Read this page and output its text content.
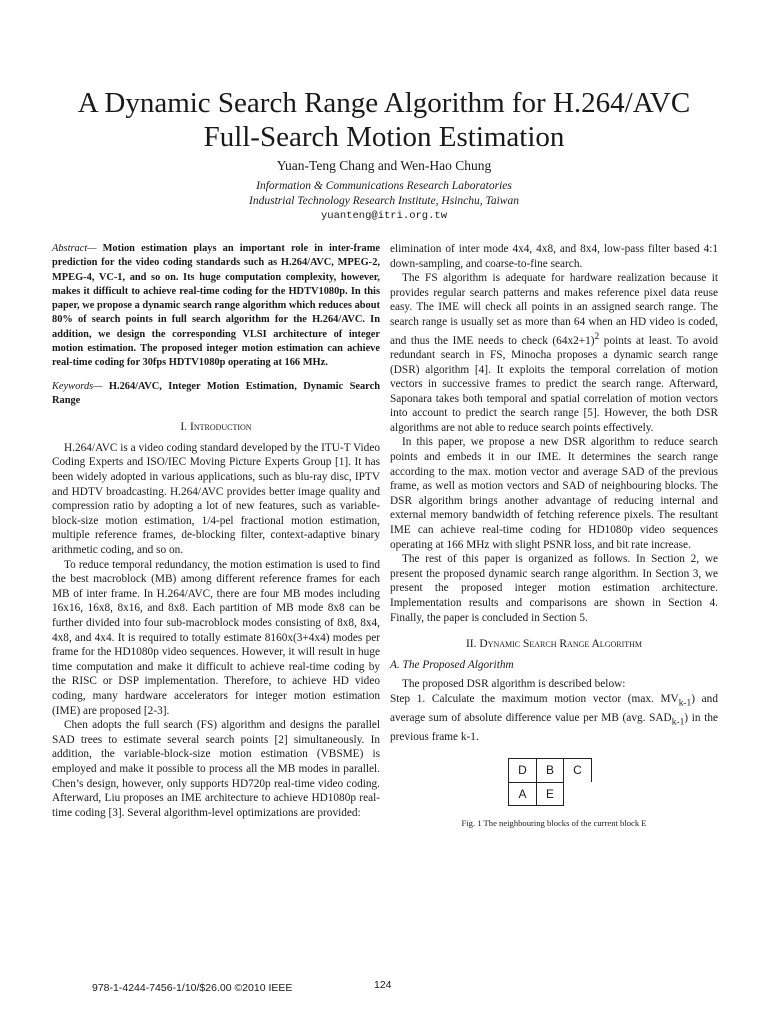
A Dynamic Search Range Algorithm for H.264/AVC
Full-Search Motion Estimation
Yuan-Teng Chang and Wen-Hao Chung
Information & Communications Research Laboratories
Industrial Technology Research Institute, Hsinchu, Taiwan
yuanteng@itri.org.tw

Abstract— Motion estimation plays an important role in inter-frame prediction for the video coding standards such as H.264/AVC, MPEG-2, MPEG-4, VC-1, and so on. Its huge computation complexity, however, makes it difficult to achieve real-time coding for the HDTV1080p. In this paper, we propose a dynamic search range algorithm which reduces about 80% of search points in full search algorithm for the H.264/AVC. In addition, we design the corresponding VLSI architecture of integer motion estimation. The proposed integer motion estimation can achieve real-time coding for 30fps HDTV1080p operating at 166 MHz.

Keywords— H.264/AVC, Integer Motion Estimation, Dynamic Search Range

I. Introduction

H.264/AVC is a video coding standard developed by the ITU-T Video Coding Experts and ISO/IEC Moving Picture Experts Group [1]. It has been widely adopted in various applications, such as blu-ray disc, IPTV and HDTV broadcasting. H.264/AVC provides better image quality and compression ratio by adopting a lot of new features, such as variable-block-size motion estimation, 1/4-pel fractional motion estimation, multiple reference frames, de-blocking filter, context-adaptive binary arithmetic coding, and so on.

To reduce temporal redundancy, the motion estimation is used to find the best macroblock (MB) among different reference frames for each MB of inter frame. In H.264/AVC, there are four MB modes including 16x16, 16x8, 8x16, and 8x8. Each partition of MB mode 8x8 can be further divided into four sub-macroblock modes consisting of 8x8, 8x4, 4x8, and 4x4. It is required to totally estimate 8160x(3+4x4) modes per frame for the HD1080p video sequences. However, it will result in huge time computation and make it difficult to achieve real-time coding by the RISC or DSP implementation. Therefore, to achieve HD video coding, many hardware accelerators for integer motion estimation (IME) are proposed [2-3].

Chen adopts the full search (FS) algorithm and designs the parallel SAD trees to estimate several search points [2] simultaneously. In addition, the variable-block-size motion estimation (VBSME) is employed and make it possible to process all the MB modes in parallel. Chen’s design, however, only supports HD720p real-time video coding. Afterward, Liu proposes an IME architecture to achieve HD1080p real-time coding [3]. Several algorithm-level optimizations are provided:

elimination of inter mode 4x4, 4x8, and 8x4, low-pass filter based 4:1 down-sampling, and coarse-to-fine search.

The FS algorithm is adequate for hardware realization because it provides regular search patterns and makes reference pixel data reuse easy. The IME will check all points in an assigned search range. The search range is usually set as more than 64 when an HD video is coded, and thus the IME needs to check $(64x2+1)^2$ points at least. To avoid redundant search in FS, Minocha proposes a dynamic search range (DSR) algorithm [4]. It exploits the temporal correlation of motion vectors in successive frames to predict the search range. Afterward, Saponara takes both temporal and spatial correlation of motion vectors into account to predict the search range [5]. However, the both DSR algorithms are not able to reduce search points effectively.

In this paper, we propose a new DSR algorithm to reduce search points and embeds it in our IME. It determines the search range according to the max. motion vector and average SAD of the previous frame, as well as motion vectors and SAD of neighbouring blocks. The DSR algorithm brings another advantage of reducing internal and external memory bandwidth of fetching reference pixels. The resultant IME can achieve real-time coding for HD1080p video sequences operating at 166 MHz with slight PSNR loss, and bit rate increase.

The rest of this paper is organized as follows. In Section 2, we present the proposed dynamic search range algorithm. In Section 3, we present the proposed integer motion estimation architecture. Implementation results and comparisons are shown in Section 4. Finally, the paper is concluded in Section 5.

II. Dynamic Search Range Algorithm

A. The Proposed Algorithm

The proposed DSR algorithm is described below:

Step 1. Calculate the maximum motion vector (max. $MV_{k-1}$) and average sum of absolute difference value per MB (avg. $SAD_{k-1}$) in the previous frame k-1.

D	B	C
A	E

Fig. 1 The neighbouring blocks of the current block E

978-1-4244-7456-1/10/$26.00 ©2010 IEEE	124
